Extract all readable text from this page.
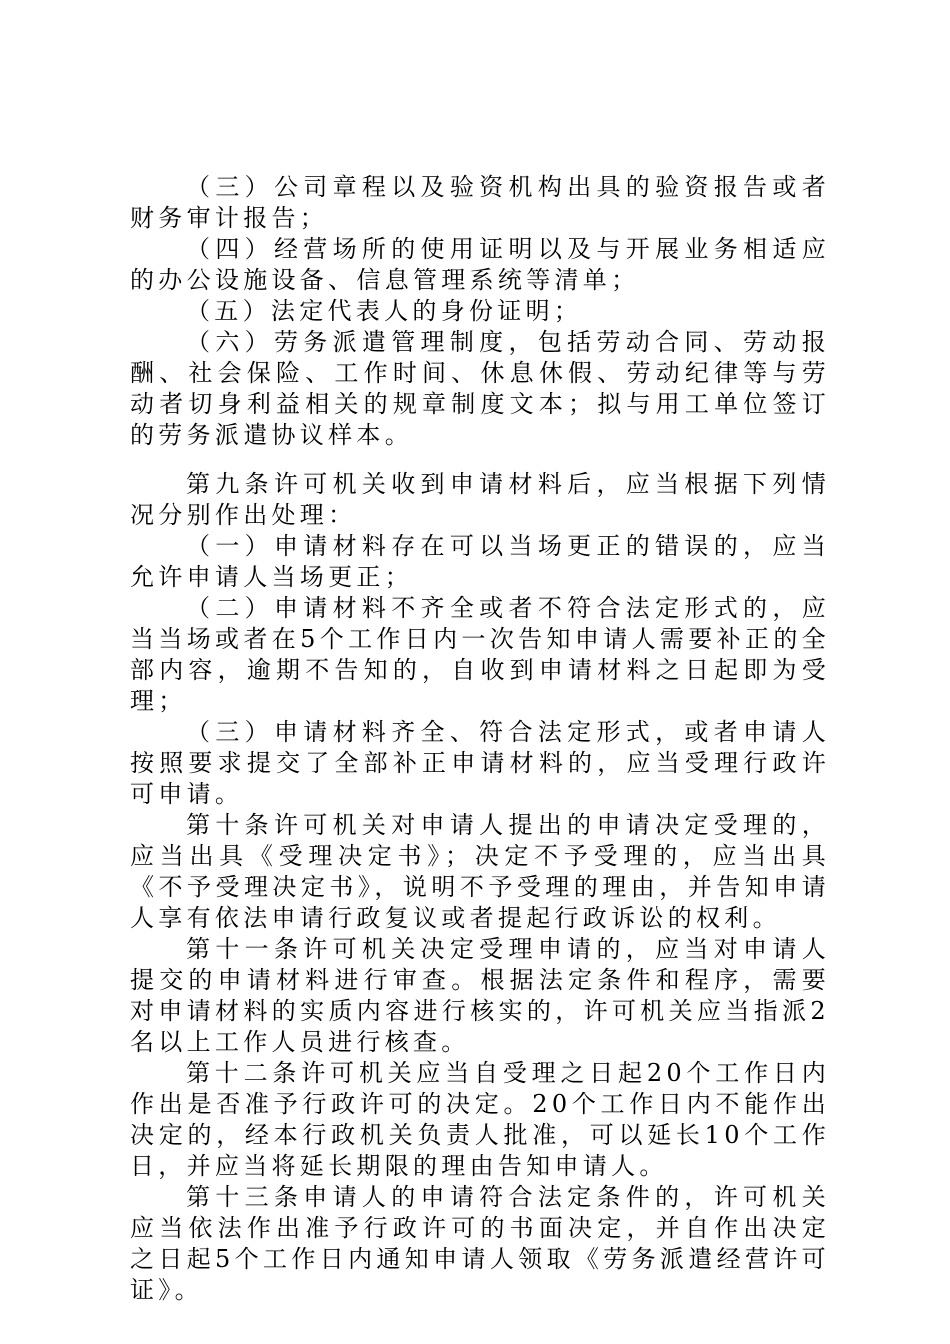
（三）公司章程以及验资机构出具的验资报告或者财务审计报告；

（四）经营场所的使用证明以及与开展业务相适应的办公设施设备、信息管理系统等清单；

（五）法定代表人的身份证明；

（六）劳务派遣管理制度，包括劳动合同、劳动报酬、社会保险、工作时间、休息休假、劳动纪律等与劳动者切身利益相关的规章制度文本；拟与用工单位签订的劳务派遣协议样本。

第九条许可机关收到申请材料后，应当根据下列情况分别作出处理：

（一）申请材料存在可以当场更正的错误的，应当允许申请人当场更正；

（二）申请材料不齐全或者不符合法定形式的，应当当场或者在5个工作日内一次告知申请人需要补正的全部内容，逾期不告知的，自收到申请材料之日起即为受理；

（三）申请材料齐全、符合法定形式，或者申请人按照要求提交了全部补正申请材料的，应当受理行政许可申请。

第十条许可机关对申请人提出的申请决定受理的，应当出具《受理决定书》；决定不予受理的，应当出具《不予受理决定书》，说明不予受理的理由，并告知申请人享有依法申请行政复议或者提起行政诉讼的权利。

第十一条许可机关决定受理申请的，应当对申请人提交的申请材料进行审查。根据法定条件和程序，需要对申请材料的实质内容进行核实的，许可机关应当指派2名以上工作人员进行核查。

第十二条许可机关应当自受理之日起20个工作日内作出是否准予行政许可的决定。20个工作日内不能作出决定的，经本行政机关负责人批准，可以延长10个工作日，并应当将延长期限的理由告知申请人。

第十三条申请人的申请符合法定条件的，许可机关应当依法作出准予行政许可的书面决定，并自作出决定之日起5个工作日内通知申请人领取《劳务派遣经营许可证》。
